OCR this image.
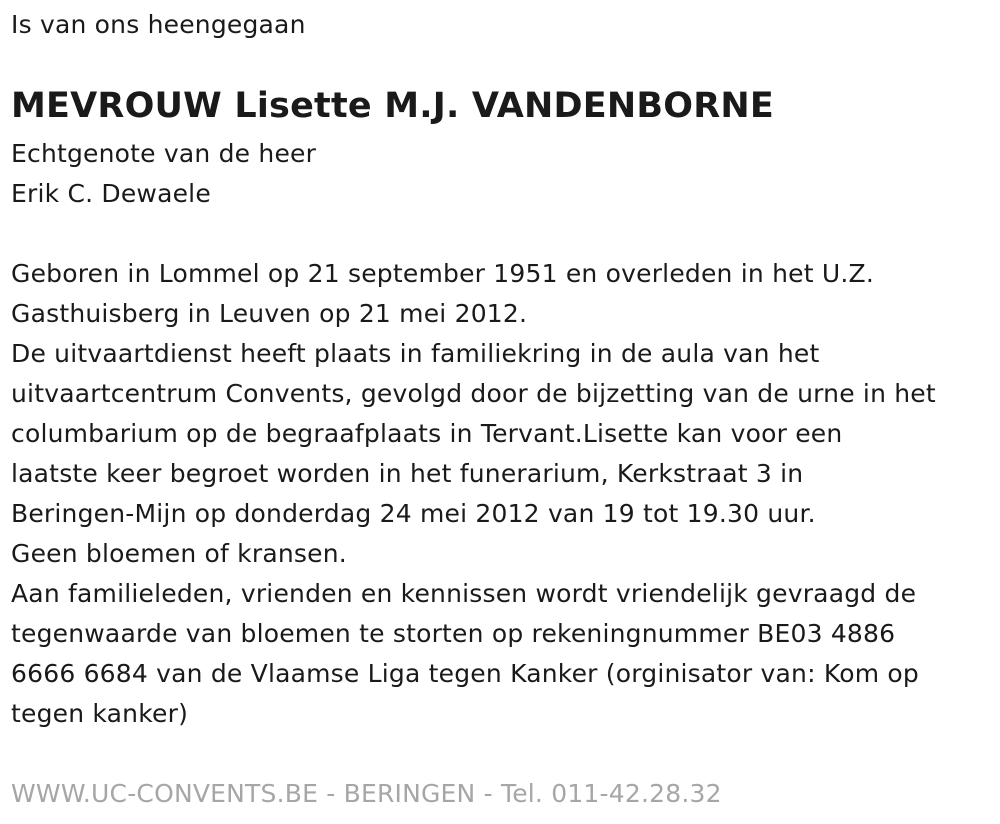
Is van ons heengegaan
MEVROUW Lisette M.J. VANDENBORNE
Echtgenote van de heer
Erik C. Dewaele
Geboren in Lommel op 21 september 1951 en overleden in het U.Z.
Gasthuisberg in Leuven op 21 mei 2012.
De uitvaartdienst heeft plaats in familiekring in de aula van het
uitvaartcentrum Convents, gevolgd door de bijzetting van de urne in het
columbarium op de begraafplaats in Tervant.Lisette kan voor een
laatste keer begroet worden in het funerarium, Kerkstraat 3 in
Beringen-Mijn op donderdag 24 mei 2012 van 19 tot 19.30 uur.
Geen bloemen of kransen.
Aan familieleden, vrienden en kennissen wordt vriendelijk gevraagd de
tegenwaarde van bloemen te storten op rekeningnummer BE03 4886
6666 6684 van de Vlaamse Liga tegen Kanker (orginisator van: Kom op
tegen kanker)
WWW.UC-CONVENTS.BE - BERINGEN - Tel. 011-42.28.32
